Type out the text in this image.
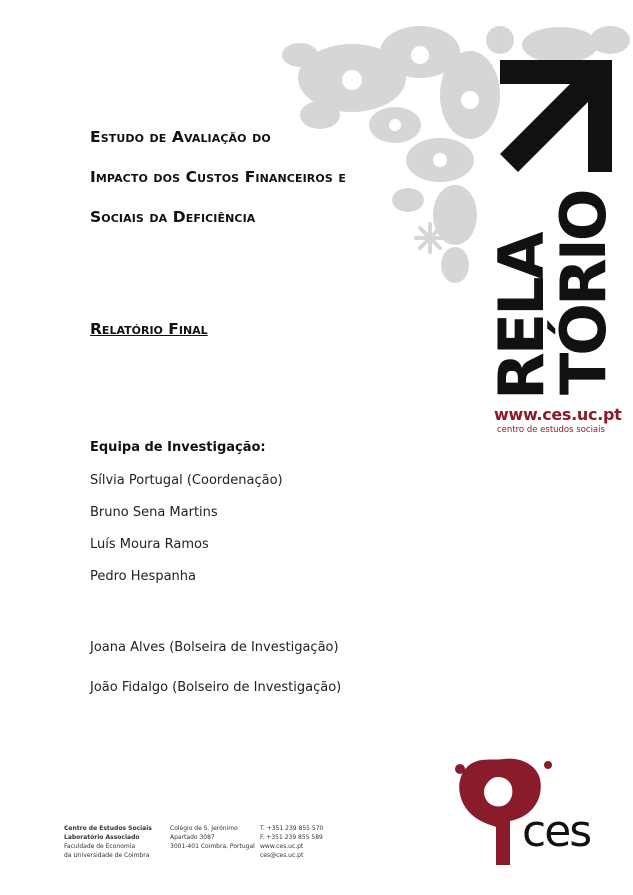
Estudo de Avaliação do
Impacto dos Custos Financeiros e
Sociais da Deficiência
Relatório Final
Equipa de Investigação:
Sílvia Portugal (Coordenação)
Bruno Sena Martins
Luís Moura Ramos
Pedro Hespanha
Joana Alves (Bolseira de Investigação)
João Fidalgo (Bolseiro de Investigação)
RELA
TÓRIO
www.ces.uc.pt
centro de estudos sociais
Centro de Estudos Sociais
Laboratório Associado
Faculdade de Economia
da Universidade de Coimbra
Colégio de S. Jerónimo
Apartado 3087
3001-401 Coimbra, Portugal
T. +351 239 855 570
F. +351 239 855 589
www.ces.uc.pt
ces@ces.uc.pt	ces
